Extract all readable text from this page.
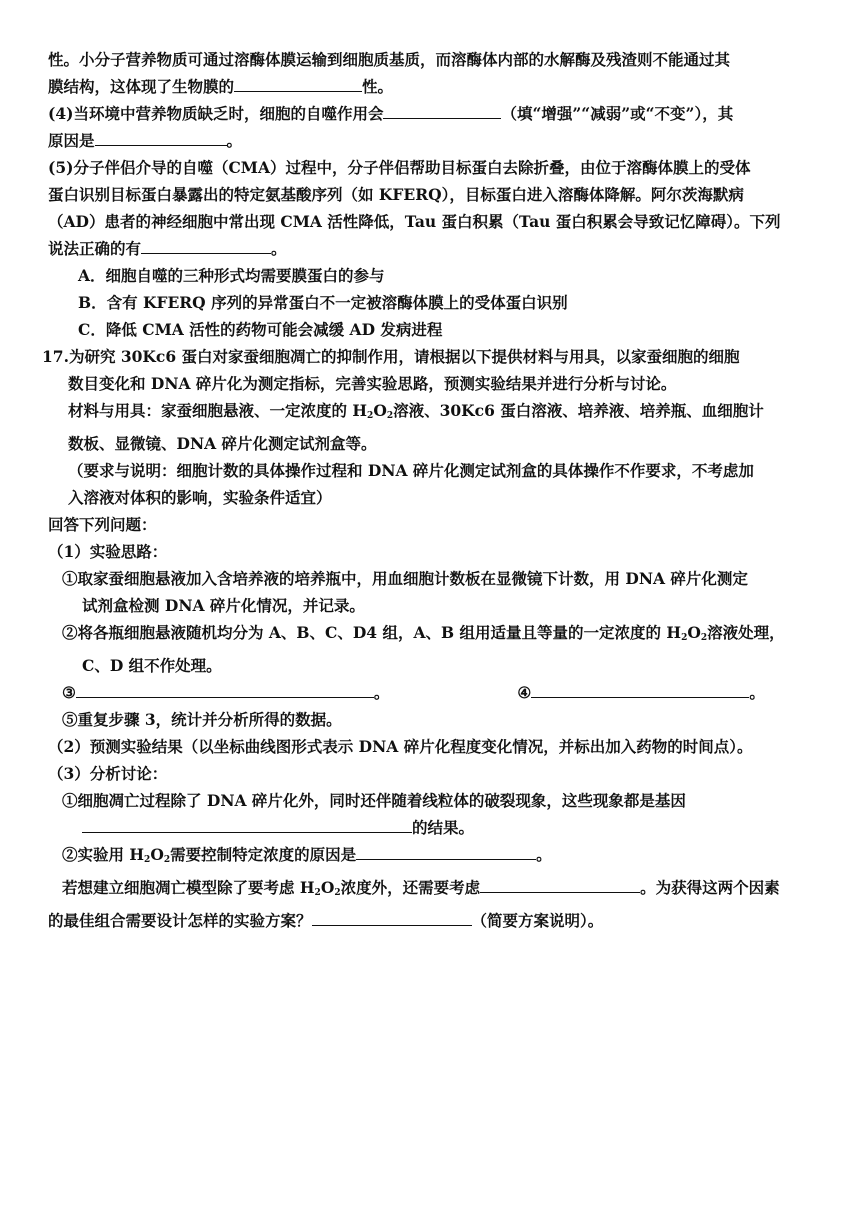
性。小分子营养物质可通过溶酶体膜运输到细胞质基质，而溶酶体内部的水解酶及残渣则不能通过其
膜结构，这体现了生物膜的	性。
(4)当环境中营养物质缺乏时，细胞的自噬作用会	（填“增强”“减弱”或“不变”），其
原因是	。
(5)分子伴侣介导的自噬（CMA）过程中，分子伴侣帮助目标蛋白去除折叠，由位于溶酶体膜上的受体
蛋白识别目标蛋白暴露出的特定氨基酸序列（如 KFERQ），目标蛋白进入溶酶体降解。阿尔茨海默病
（AD）患者的神经细胞中常出现 CMA 活性降低，Tau 蛋白积累（Tau 蛋白积累会导致记忆障碍）。下列
说法正确的有	。
A．细胞自噬的三种形式均需要膜蛋白的参与
B．含有 KFERQ 序列的异常蛋白不一定被溶酶体膜上的受体蛋白识别
C．降低 CMA 活性的药物可能会减缓 AD 发病进程
17.为研究 30Kc6 蛋白对家蚕细胞凋亡的抑制作用，请根据以下提供材料与用具，以家蚕细胞的细胞
数目变化和 DNA 碎片化为测定指标，完善实验思路，预测实验结果并进行分析与讨论。
材料与用具：家蚕细胞悬液、一定浓度的 $H_2O_2$溶液、30Kc6 蛋白溶液、培养液、培养瓶、血细胞计
数板、显微镜、DNA 碎片化测定试剂盒等。
（要求与说明：细胞计数的具体操作过程和 DNA 碎片化测定试剂盒的具体操作不作要求，不考虑加
入溶液对体积的影响，实验条件适宜）
回答下列问题：
（1）实验思路：
①取家蚕细胞悬液加入含培养液的培养瓶中，用血细胞计数板在显微镜下计数，用 DNA 碎片化测定
试剂盒检测 DNA 碎片化情况，并记录。
②将各瓶细胞悬液随机均分为 A、B、C、D4 组，A、B 组用适量且等量的一定浓度的 $H_2O_2$溶液处理，
C、D 组不作处理。
③	。	④	。
⑤重复步骤 3，统计并分析所得的数据。
（2）预测实验结果（以坐标曲线图形式表示 DNA 碎片化程度变化情况，并标出加入药物的时间点）。
（3）分析讨论：
①细胞凋亡过程除了 DNA 碎片化外，同时还伴随着线粒体的破裂现象，这些现象都是基因
的结果。
②实验用 $H_2O_2$需要控制特定浓度的原因是	。
若想建立细胞凋亡模型除了要考虑 $H_2O_2$浓度外，还需要考虑	。为获得这两个因素
的最佳组合需要设计怎样的实验方案？	（简要方案说明）。
